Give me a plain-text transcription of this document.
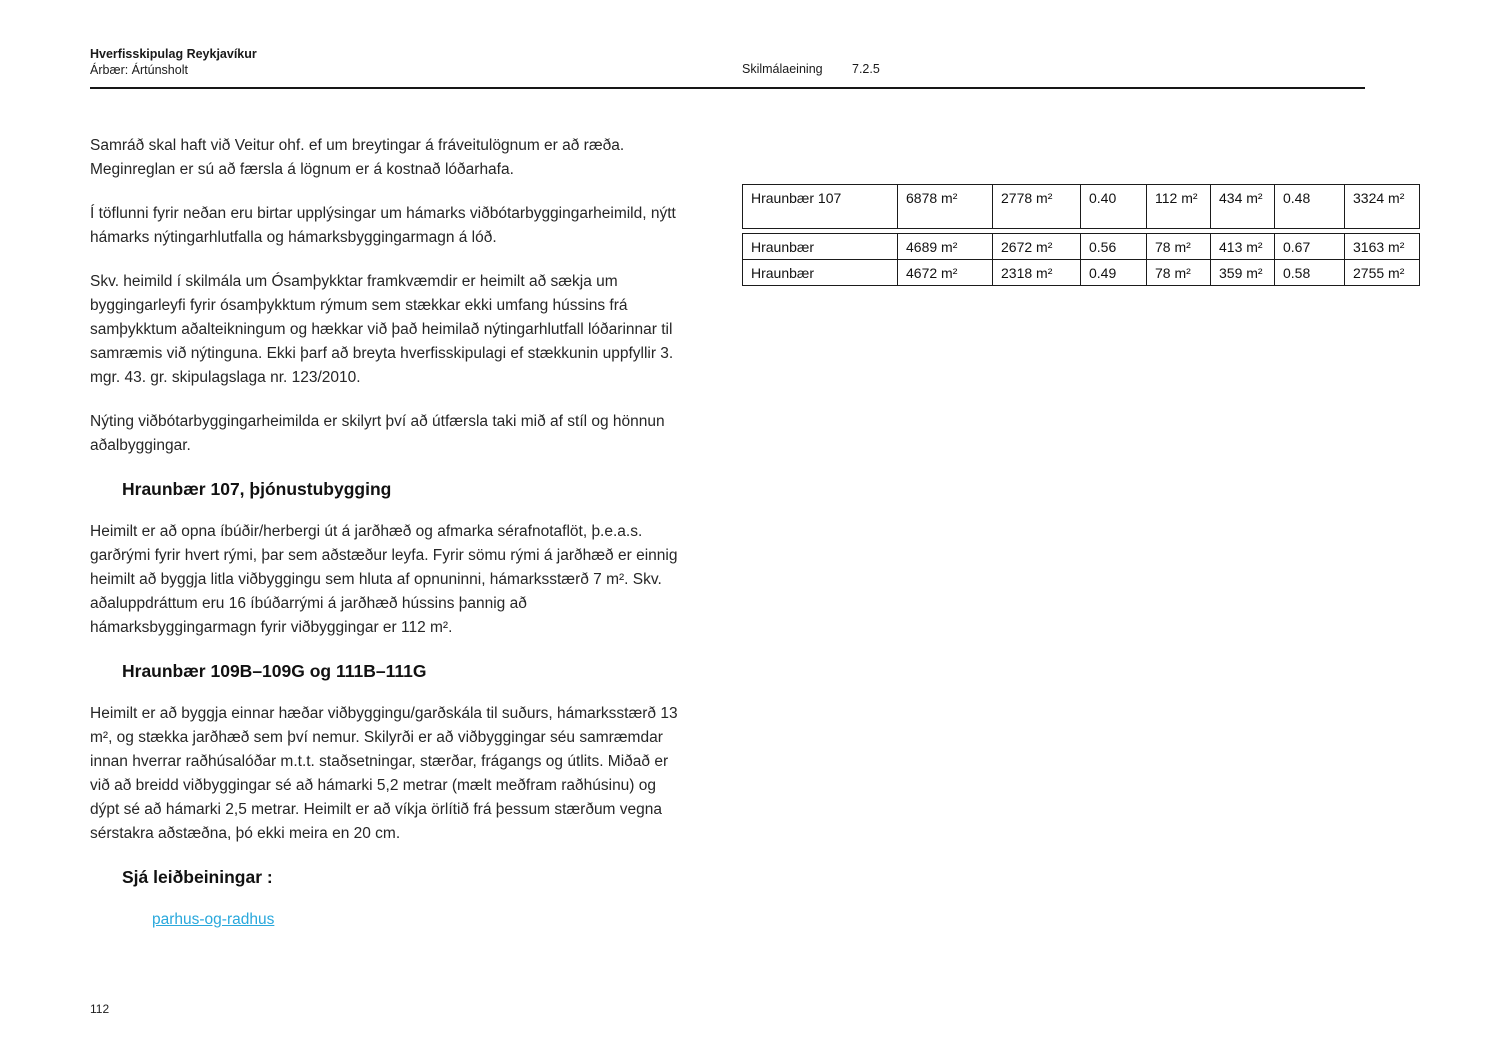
Hverfisskipulag Reykjavíkur
Árbær: Ártúnsholt	Skilmálaeining 7.2.5
Hraunbær 107	6878 m²	2778 m²	0.40	112 m²	434 m²	0.48	3324 m²
Hraunbær	4689 m²	2672 m²	0.56	78 m²	413 m²	0.67	3163 m²
Hraunbær	4672 m²	2318 m²	0.49	78 m²	359 m²	0.58	2755 m²

Samráð skal haft við Veitur ohf. ef um breytingar á fráveitulögnum er að ræða. Meginreglan er sú að færsla á lögnum er á kostnað lóðarhafa.

Í töflunni fyrir neðan eru birtar upplýsingar um hámarks viðbótarbyggingarheimild, nýtt hámarks nýtingarhlutfalla og hámarksbyggingarmagn á lóð.

Skv. heimild í skilmála um Ósamþykktar framkvæmdir er heimilt að sækja um byggingarleyfi fyrir ósamþykktum rýmum sem stækkar ekki umfang hússins frá samþykktum aðalteikningum og hækkar við það heimilað nýtingarhlutfall lóðarinnar til samræmis við nýtinguna. Ekki þarf að breyta hverfisskipulagi ef stækkunin uppfyllir 3. mgr. 43. gr. skipulagslaga nr. 123/2010.

Nýting viðbótarbyggingarheimilda er skilyrt því að útfærsla taki mið af stíl og hönnun aðalbyggingar.

Hraunbær 107, þjónustubygging

Heimilt er að opna íbúðir/herbergi út á jarðhæð og afmarka sérafnotaflöt, þ.e.a.s. garðrými fyrir hvert rými, þar sem aðstæður leyfa. Fyrir sömu rými á jarðhæð er einnig heimilt að byggja litla viðbyggingu sem hluta af opnuninni, hámarksstærð 7 m². Skv. aðaluppdráttum eru 16 íbúðarrými á jarðhæð hússins þannig að hámarksbyggingarmagn fyrir viðbyggingar er 112 m².

Hraunbær 109B–109G og 111B–111G

Heimilt er að byggja einnar hæðar viðbyggingu/garðskála til suðurs, hámarksstærð 13 m², og stækka jarðhæð sem því nemur. Skilyrði er að viðbyggingar séu samræmdar innan hverrar raðhúsalóðar m.t.t. staðsetningar, stærðar, frágangs og útlits. Miðað er við að breidd viðbyggingar sé að hámarki 5,2 metrar (mælt meðfram raðhúsinu) og dýpt sé að hámarki 2,5 metrar. Heimilt er að víkja örlítið frá þessum stærðum vegna sérstakra aðstæðna, þó ekki meira en 20 cm.

Sjá leiðbeiningar :
parhus-og-radhus
112
